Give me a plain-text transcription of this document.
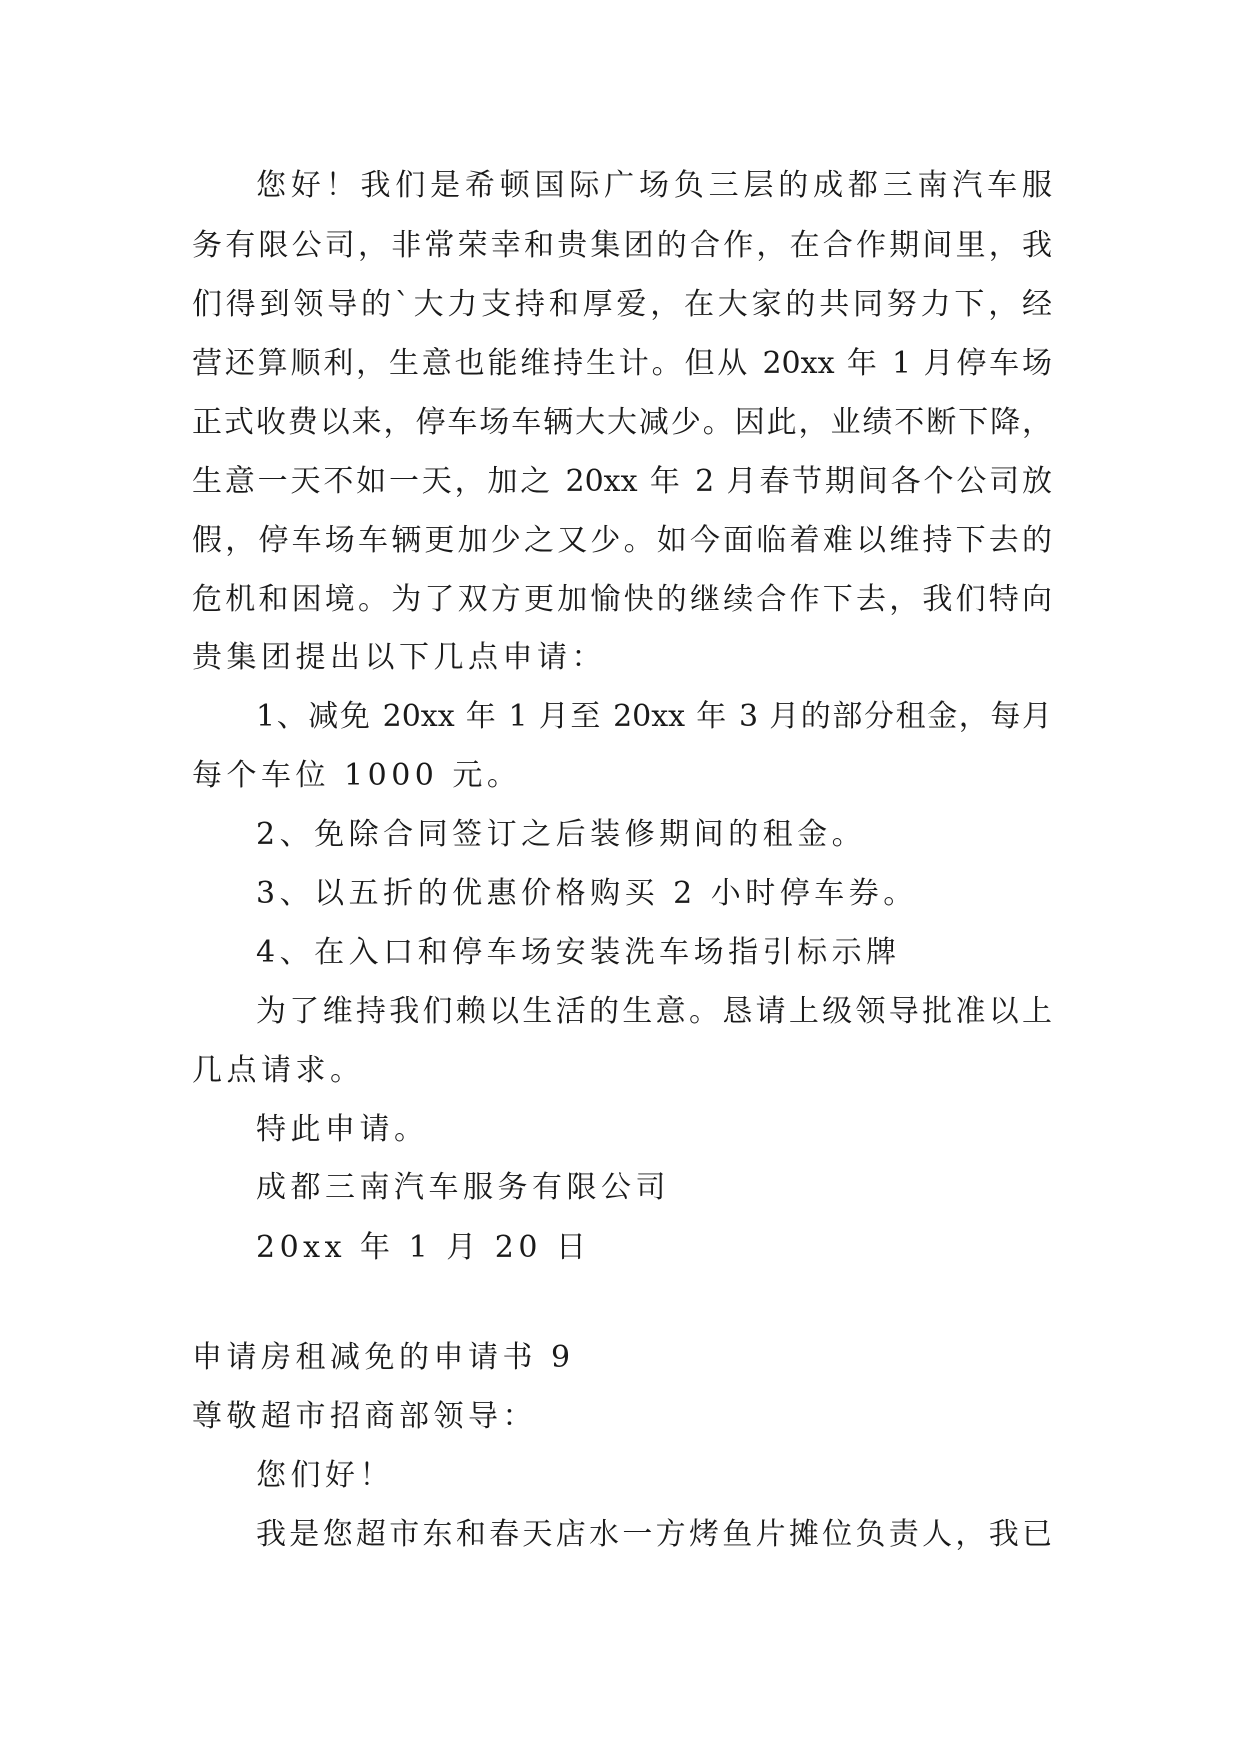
您好！我们是希顿国际广场负三层的成都三南汽车服
务有限公司，非常荣幸和贵集团的合作，在合作期间里，我
们得到领导的`大力支持和厚爱，在大家的共同努力下，经
营还算顺利，生意也能维持生计。但从 20xx 年 1 月停车场
正式收费以来，停车场车辆大大减少。因此，业绩不断下降，
生意一天不如一天，加之 20xx 年 2 月春节期间各个公司放
假，停车场车辆更加少之又少。如今面临着难以维持下去的
危机和困境。为了双方更加愉快的继续合作下去，我们特向
贵集团提出以下几点申请：
1、减免 20xx 年 1 月至 20xx 年 3 月的部分租金，每月
每个车位 1000 元。
2、免除合同签订之后装修期间的租金。
3、以五折的优惠价格购买 2 小时停车券。
4、在入口和停车场安装洗车场指引标示牌
为了维持我们赖以生活的生意。恳请上级领导批准以上
几点请求。
特此申请。
成都三南汽车服务有限公司
20xx 年 1 月 20 日
申请房租减免的申请书 9
尊敬超市招商部领导：
您们好！
我是您超市东和春天店水一方烤鱼片摊位负责人，我已
